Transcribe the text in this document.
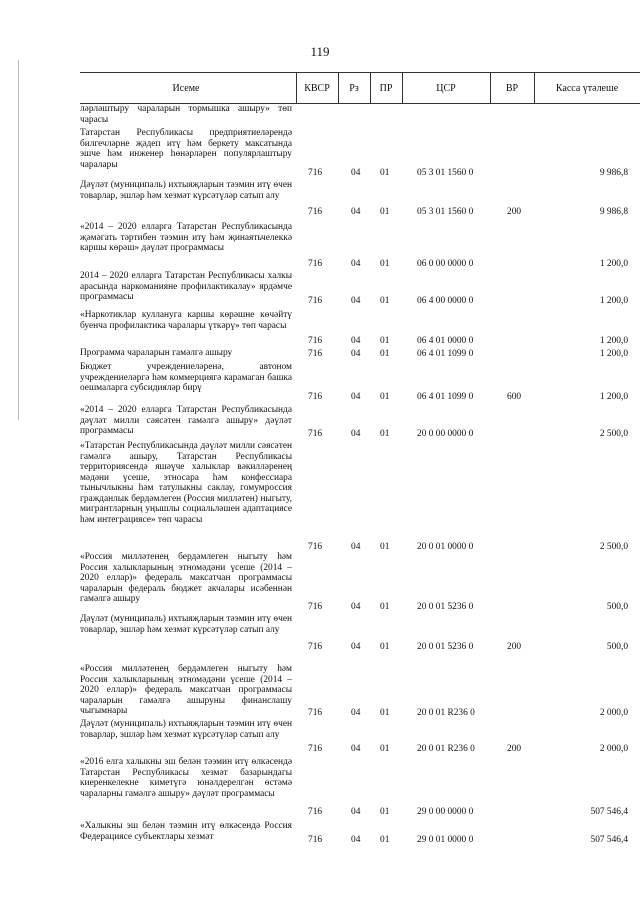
119
Исеме	КВСР	Рз	ПР	ЦСР	ВР	Касса үтәлеше
ләрләштыру чараларын тормышка ашыру» төп чарасы
Татарстан Республикасы предприятиеләрендә билгечләрне җәдеп итү һәм беркету максатында эшче һәм инженер һөнәрләрен популярлаштыру чаралары
716	04 01	05 3 01 1560 0	9 986,8
Дәүләт (муниципаль) ихтыяҗларын тәэмин итү өчен товарлар, эшләр һәм хезмәт күрсәтүләр сатып алу
716	04 01	05 3 01 1560 0	200	9 986,8
«2014 – 2020 елларга Татарстан Республикасында җәмәгать тәртибен тәэмин итү һәм җинаятьчелеккә каршы көрәш» дәүләт программасы
716	04 01	06 0 00 0000 0	1 200,0
2014 – 2020 елларга Татарстан Республикасы халкы арасында наркоманияне профилактикалау» ярдәмче программасы	716	04 01	06 4 00 0000 0	1 200,0
«Наркотиклар куллануга каршы көрәшне көчәйтү буенча профилактика чаралары үткәрү» төп чарасы
716	04 01	06 4 01 0000 0	1 200,0
Программа чараларын гамәлгә ашыру	716	04 01	06 4 01 1099 0	1 200,0
Бюджет учреждениеләренә, автоном учреждениеләргә һәм коммерциягә карамаган башка оешмаларга субсидияләр бирү
716	04 01	06 4 01 1099 0	600	1 200,0
«2014 – 2020 елларга Татарстан Республикасында дәүләт милли сәясәтен гамәлгә ашыру» дәүләт программасы	716	04 01	20 0 00 0000 0	2 500,0
«Татарстан Республикасында дәүләт милли сәясәтен гамәлгә ашыру, Татарстан Республикасы территориясендә яшәүче халыклар вәкилләренең мәдәни үсеше, этносара һәм конфессиара тынычлыкны һәм татулыкны саклау, гомумроссия гражданлык бердәмлеген (Россия милләтен) ныгыту, мигрантларның уңышлы социальләшен адаптациясе һәм интеграциясе» төп чарасы
716	04 01	20 0 01 0000 0	2 500,0
«Россия милләтенең бердәмлеген ныгыту һәм Россия халыкларының этномәдәни үсеше (2014 – 2020 еллар)» федераль максатчан программасы чараларын федераль бюджет акчалары исәбеннән гамәлгә ашыру
716	04 01	20 0 01 5236 0	500,0
Дәүләт (муниципаль) ихтыяҗларын тәэмин итү өчен товарлар, эшләр һәм хезмәт күрсәтүләр сатып алу
716	04 01	20 0 01 5236 0	200	500,0
«Россия милләтенең бердәмлеген ныгыту һәм Россия халыкларының этномәдәни үсеше (2014 – 2020 еллар)» федераль максатчан программасы чараларын гамәлгә ашыруны финанслашу чыгымнары	716	04 01	20 0 01 R236 0	2 000,0
Дәүләт (муниципаль) ихтыяҗларын тәэмин итү өчен товарлар, эшләр һәм хезмәт күрсәтүләр сатып алу
716	04 01	20 0 01 R236 0	200	2 000,0
«2016 елга халыкны эш белән тәэмин итү өлкәсендә Татарстан Республикасы хезмәт базарындагы киеренкелекне киметүгә юнәлдерелгән өстәмә чараларны гамәлгә ашыру» дәүләт программасы
716	04 01	29 0 00 0000 0	507 546,4
«Халыкны эш белән тәэмин итү өлкәсендә Россия Федерациясе субъектлары хезмәт	716	04 01	29 0 01 0000 0	507 546,4
